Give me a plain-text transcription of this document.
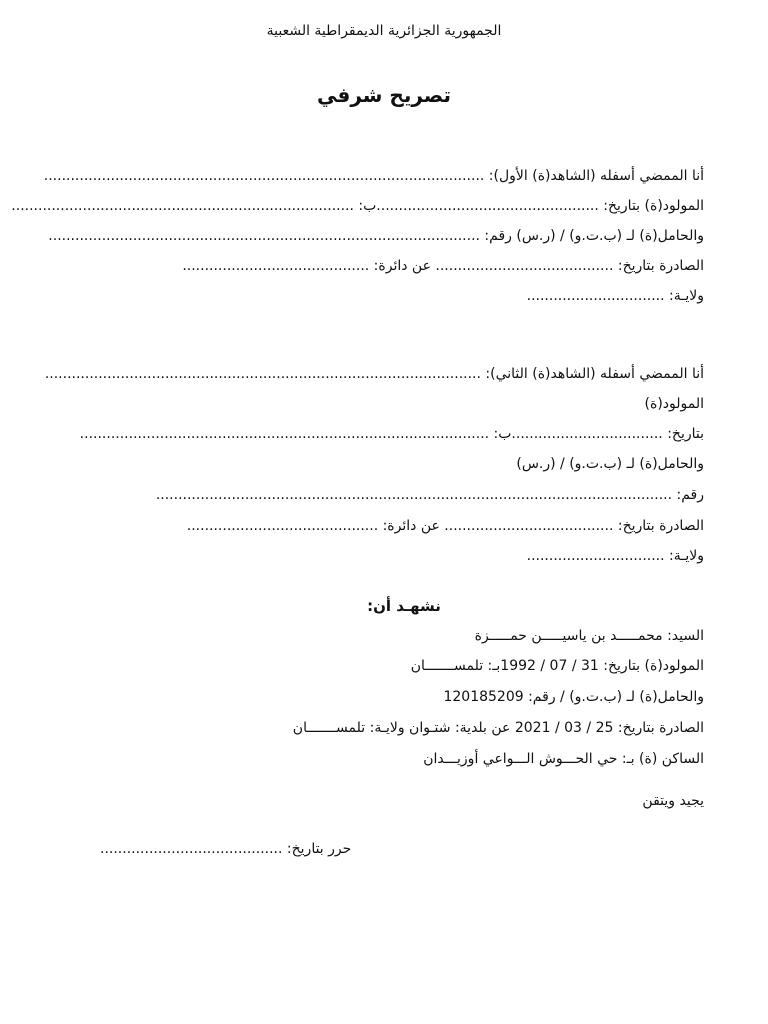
الجمهورية الجزائرية الديمقراطية الشعبية
تصريح شرفي
أنا الممضي أسفله (الشاهد(ة) الأول): ...................................................................................................
المولود(ة) بتاريخ: ..................................................ب: .............................................................................
والحامل(ة) لـ (ب.ت.و) / (ر.س) رقم: .................................................................................................
الصادرة بتاريخ: ........................................ عن دائرة: ..........................................
ولايـة: ...............................
أنا الممضي أسفله (الشاهد(ة) الثاني): ..................................................................................................
المولود(ة)
بتاريخ: ..................................ب: ............................................................................................
والحامل(ة) لـ (ب.ت.و) / (ر.س)
رقم: ....................................................................................................................
الصادرة بتاريخ: ...................................... عن دائرة: ...........................................
ولايـة: ...............................
نشهـد أن:
السيد: محمـــــد بن ياسيـــــن حمـــــزة
المولود(ة) بتاريخ: 31 / 07 / 1992بـ: تلمســـــــان
والحامل(ة) لـ (ب.ت.و) / رقم: 120185209
الصادرة بتاريخ: 25 / 03 / 2021 عن بلدية: شتـوان ولايـة: تلمســـــــان
الساكن (ة) بـ: حي الحـــوش الـــواعي أوزيـــدان
يجيد ويتقن
حرر بتاريخ: .........................................
